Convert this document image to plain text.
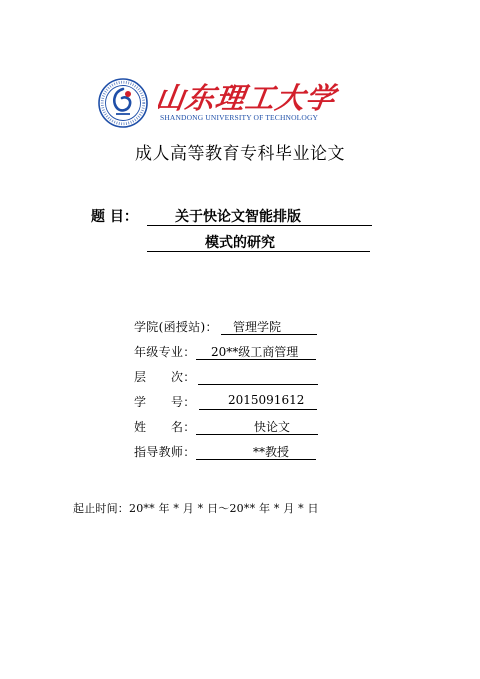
山东理工大学
SHANDONG UNIVERSITY OF TECHNOLOGY
成人高等教育专科毕业论文
题 目：	关于快论文智能排版
模式的研究
学院(函授站)： 管理学院
年级专业： 20**级工商管理
层      次：
学      号：	2015091612
姓      名：	快论文
指导教师：	**教授
起止时间：20** 年 * 月 * 日～20** 年 * 月 * 日
